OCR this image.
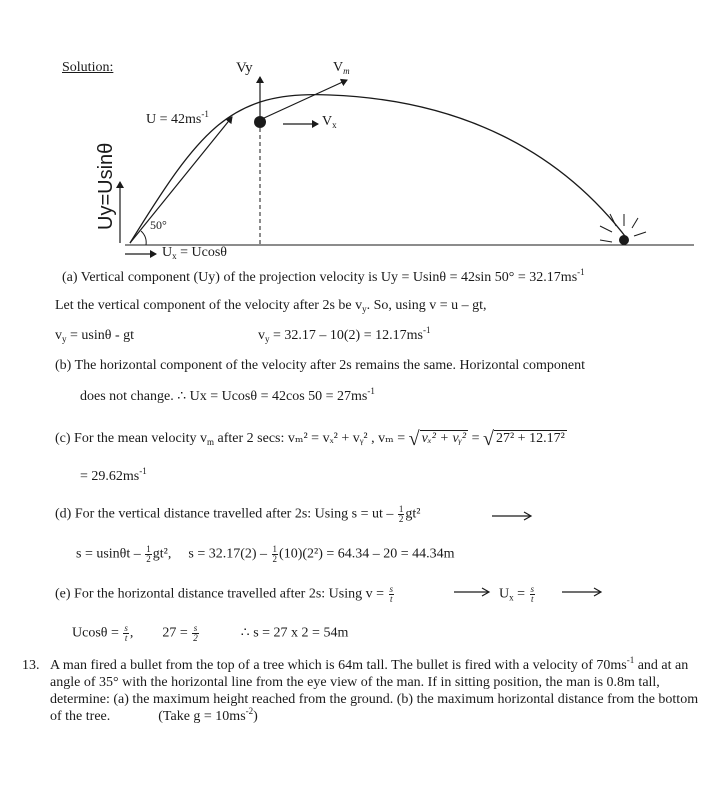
Solution:	Vy	$V_m$
$V_x$
$U = 42ms^{-1}$
50°
$U_x = Ucos\theta$
Uy=Usinθ
(a) Vertical component (Uy) of the projection velocity is Uy = Usinθ = 42sin $50^\circ = 32.17ms^{-1}$
Let the vertical component of the velocity after 2s be $v_y$. So, using v = u – gt,
$v_y = usin\theta$ - gt	$v_y = 32.17 - 10(2) = 12.17ms^{-1}$
(b) The horizontal component of the velocity after 2s remains the same. Horizontal component
does not change. ∴ Ux = Ucosθ = 42cos $50 = 27ms^{-1}$
(c) For the mean velocity $v_m$ after 2 secs: vₘ² = vₓ² + vᵧ² , vₘ = √ vₓ² + vᵧ² = √ 27² + 12.17²
= $29.62ms^{-1}$
(d) For the vertical distance travelled after 2s: Using s = ut – $\frac{1}{2} gt^2$
$s = usin\theta t - \frac{1}{2} gt^2$, $s = 32.17(2) - \frac{1}{2} (10)(2^2) = 64.34 - 20 = 44.34m$
(e) For the horizontal distance travelled after 2s: Using $v = \frac{s}{t}$	$U_x = \frac{s}{t}$
$Ucos\theta = \frac{s}{t}$ , $27 = \frac{s}{2}$	∴ s = 27 x 2 = 54m
13. A man fired a bullet from the top of a tree which is 64m tall. The bullet is fired with a velocity of $70ms^{-1}$ and at an angle of 35° with the horizontal line from the eye view of the man. If in sitting position, the man is 0.8m tall, determine: (a) the maximum height reached from the ground. (b) the maximum horizontal distance from the bottom of the tree.	(Take $g = 10ms^{-2}$)
